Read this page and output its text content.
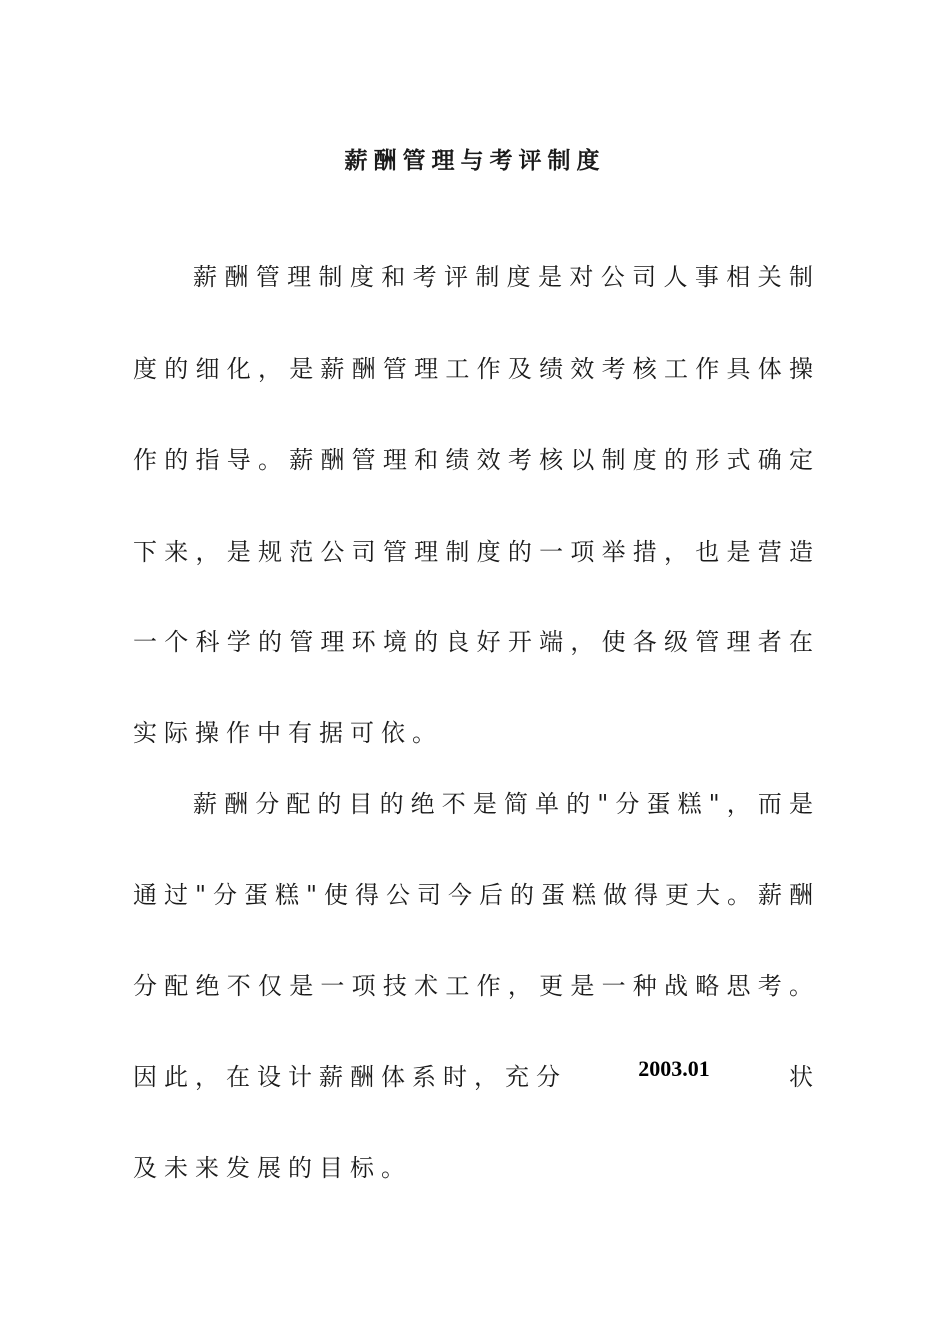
薪酬管理与考评制度

薪酬管理制度和考评制度是对公司人事相关制

度的细化，是薪酬管理工作及绩效考核工作具体操

作的指导。薪酬管理和绩效考核以制度的形式确定

下来，是规范公司管理制度的一项举措，也是营造

一个科学的管理环境的良好开端，使各级管理者在

实际操作中有据可依。

薪酬分配的目的绝不是简单的"分蛋糕"，而是

通过"分蛋糕"使得公司今后的蛋糕做得更大。薪酬

分配绝不仅是一项技术工作，更是一种战略思考。

因此，在设计薪酬体系时，充分	状

及未来发展的目标。

2003.01
